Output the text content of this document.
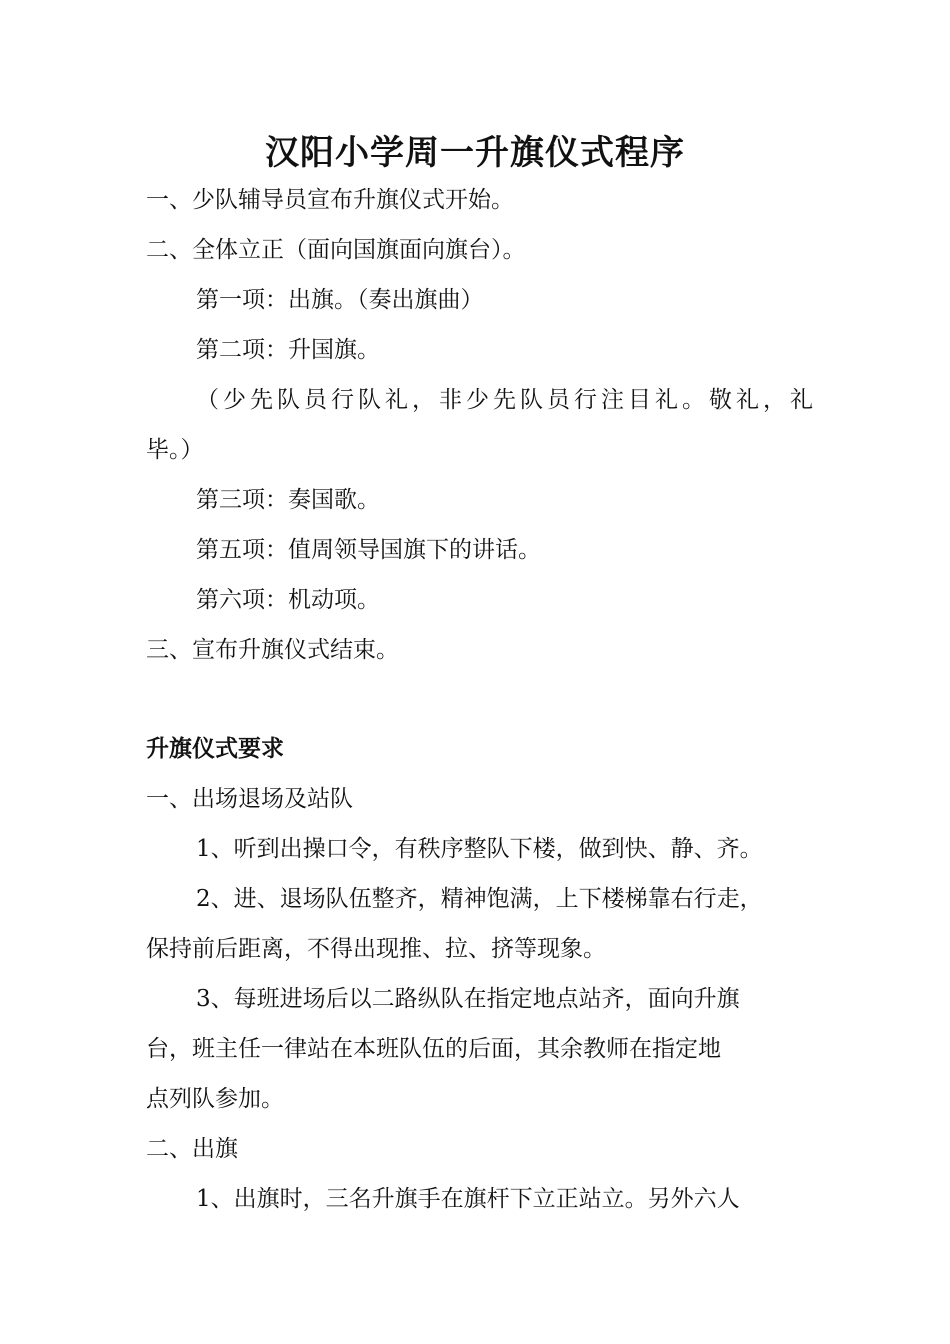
汉阳小学周一升旗仪式程序
一、少队辅导员宣布升旗仪式开始。
二、全体立正（面向国旗面向旗台）。
第一项：出旗。（奏出旗曲）
第二项：升国旗。
（少先队员行队礼，非少先队员行注目礼。敬礼，礼
毕。）
第三项：奏国歌。
第五项：值周领导国旗下的讲话。
第六项：机动项。
三、宣布升旗仪式结束。
升旗仪式要求
一、出场退场及站队
1、听到出操口令，有秩序整队下楼，做到快、静、齐。
2、进、退场队伍整齐，精神饱满，上下楼梯靠右行走，
保持前后距离，不得出现推、拉、挤等现象。
3、每班进场后以二路纵队在指定地点站齐，面向升旗
台，班主任一律站在本班队伍的后面，其余教师在指定地
点列队参加。
二、出旗
1、出旗时，三名升旗手在旗杆下立正站立。另外六人
